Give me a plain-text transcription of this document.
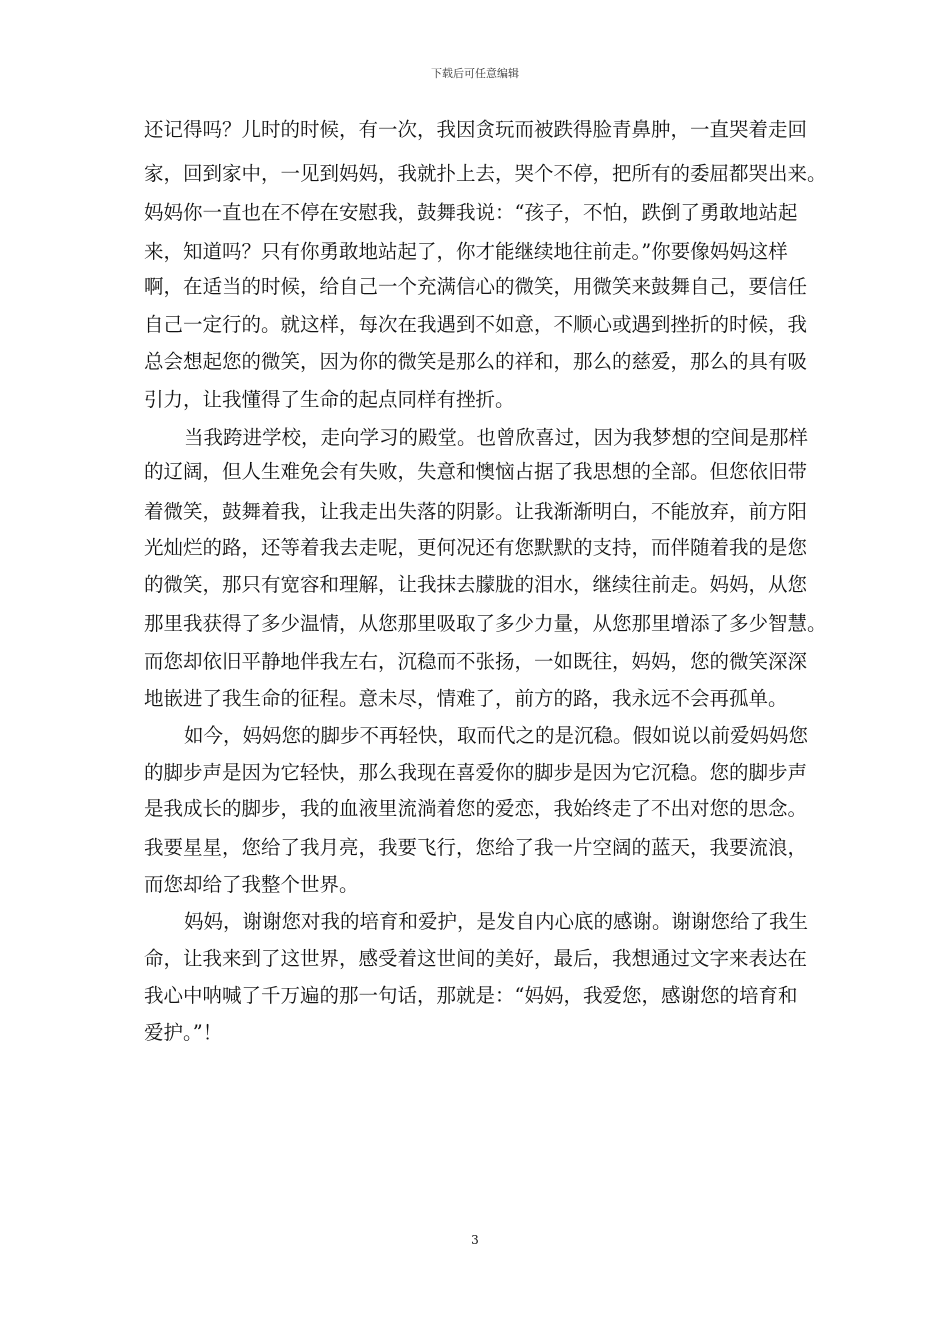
下载后可任意编辑
还记得吗？儿时的时候，有一次，我因贪玩而被跌得脸青鼻肿，一直哭着走回
家，回到家中，一见到妈妈，我就扑上去，哭个不停，把所有的委屈都哭出来。
妈妈你一直也在不停在安慰我，鼓舞我说：“孩子，不怕，跌倒了勇敢地站起
来，知道吗？只有你勇敢地站起了，你才能继续地往前走。”你要像妈妈这样
啊，在适当的时候，给自己一个充满信心的微笑，用微笑来鼓舞自己，要信任
自己一定行的。就这样，每次在我遇到不如意，不顺心或遇到挫折的时候，我
总会想起您的微笑，因为你的微笑是那么的祥和，那么的慈爱，那么的具有吸
引力，让我懂得了生命的起点同样有挫折。
当我跨进学校，走向学习的殿堂。也曾欣喜过，因为我梦想的空间是那样
的辽阔，但人生难免会有失败，失意和懊恼占据了我思想的全部。但您依旧带
着微笑，鼓舞着我，让我走出失落的阴影。让我渐渐明白，不能放弃，前方阳
光灿烂的路，还等着我去走呢，更何况还有您默默的支持，而伴随着我的是您
的微笑，那只有宽容和理解，让我抹去朦胧的泪水，继续往前走。妈妈，从您
那里我获得了多少温情，从您那里吸取了多少力量，从您那里增添了多少智慧。
而您却依旧平静地伴我左右，沉稳而不张扬，一如既往，妈妈，您的微笑深深
地嵌进了我生命的征程。意未尽，情难了，前方的路，我永远不会再孤单。
如今，妈妈您的脚步不再轻快，取而代之的是沉稳。假如说以前爱妈妈您
的脚步声是因为它轻快，那么我现在喜爱你的脚步是因为它沉稳。您的脚步声
是我成长的脚步，我的血液里流淌着您的爱恋，我始终走了不出对您的思念。
我要星星，您给了我月亮，我要飞行，您给了我一片空阔的蓝天，我要流浪，
而您却给了我整个世界。
妈妈，谢谢您对我的培育和爱护，是发自内心底的感谢。谢谢您给了我生
命，让我来到了这世界，感受着这世间的美好，最后，我想通过文字来表达在
我心中呐喊了千万遍的那一句话，那就是：“妈妈，我爱您，感谢您的培育和
爱护。”！
3
